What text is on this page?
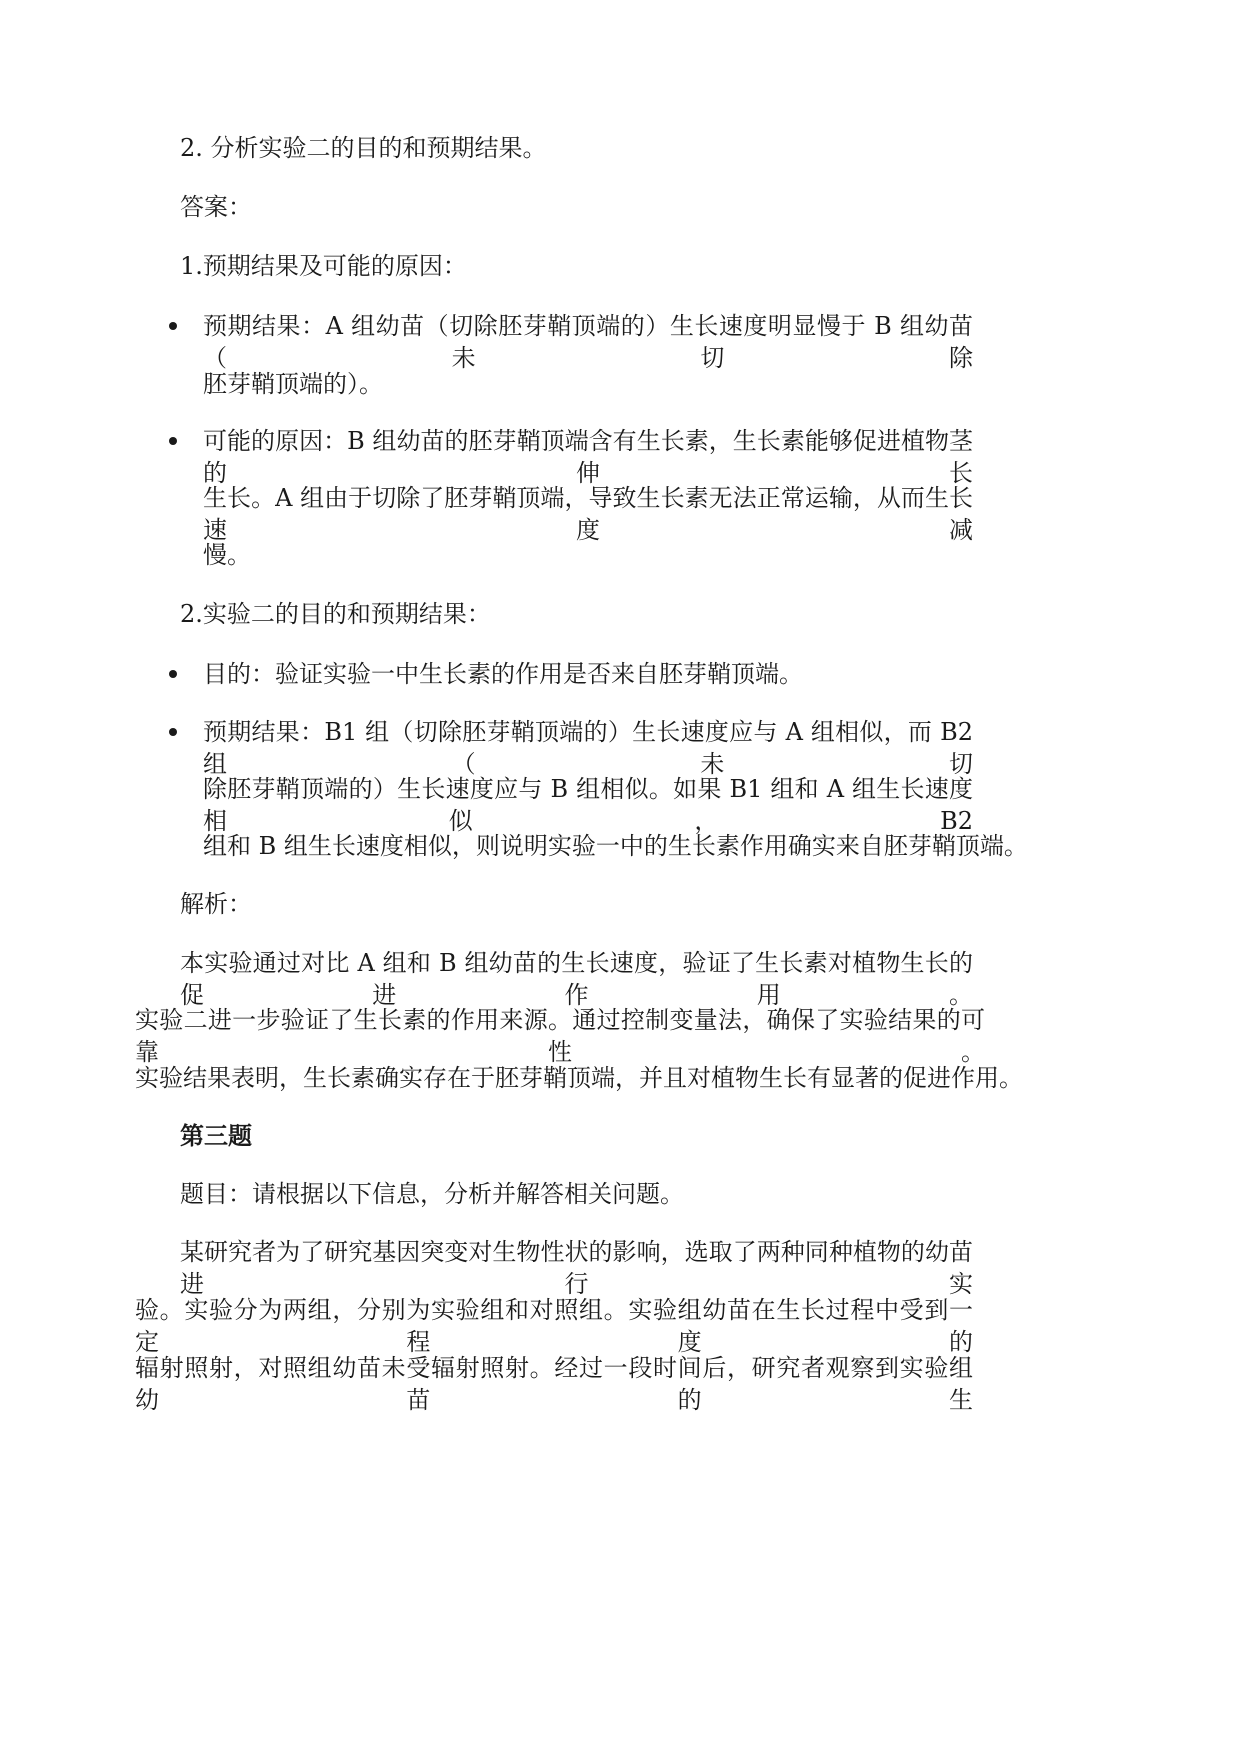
2. 分析实验二的目的和预期结果。

答案：

1.预期结果及可能的原因：

预期结果：A 组幼苗（切除胚芽鞘顶端的）生长速度明显慢于 B 组幼苗（未切除

胚芽鞘顶端的）。

可能的原因：B 组幼苗的胚芽鞘顶端含有生长素，生长素能够促进植物茎的伸长

生长。A 组由于切除了胚芽鞘顶端，导致生长素无法正常运输，从而生长速度减

慢。

2.实验二的目的和预期结果：

目的：验证实验一中生长素的作用是否来自胚芽鞘顶端。

预期结果：B1 组（切除胚芽鞘顶端的）生长速度应与 A 组相似，而 B2 组（未切

除胚芽鞘顶端的）生长速度应与 B 组相似。如果 B1 组和 A 组生长速度相似，B2

组和 B 组生长速度相似，则说明实验一中的生长素作用确实来自胚芽鞘顶端。

解析：

本实验通过对比 A 组和 B 组幼苗的生长速度，验证了生长素对植物生长的促进作用。

实验二进一步验证了生长素的作用来源。通过控制变量法，确保了实验结果的可靠性。

实验结果表明，生长素确实存在于胚芽鞘顶端，并且对植物生长有显著的促进作用。

第三题

题目：请根据以下信息，分析并解答相关问题。

某研究者为了研究基因突变对生物性状的影响，选取了两种同种植物的幼苗进行实

验。实验分为两组，分别为实验组和对照组。实验组幼苗在生长过程中受到一定程度的

辐射照射，对照组幼苗未受辐射照射。经过一段时间后，研究者观察到实验组幼苗的生
